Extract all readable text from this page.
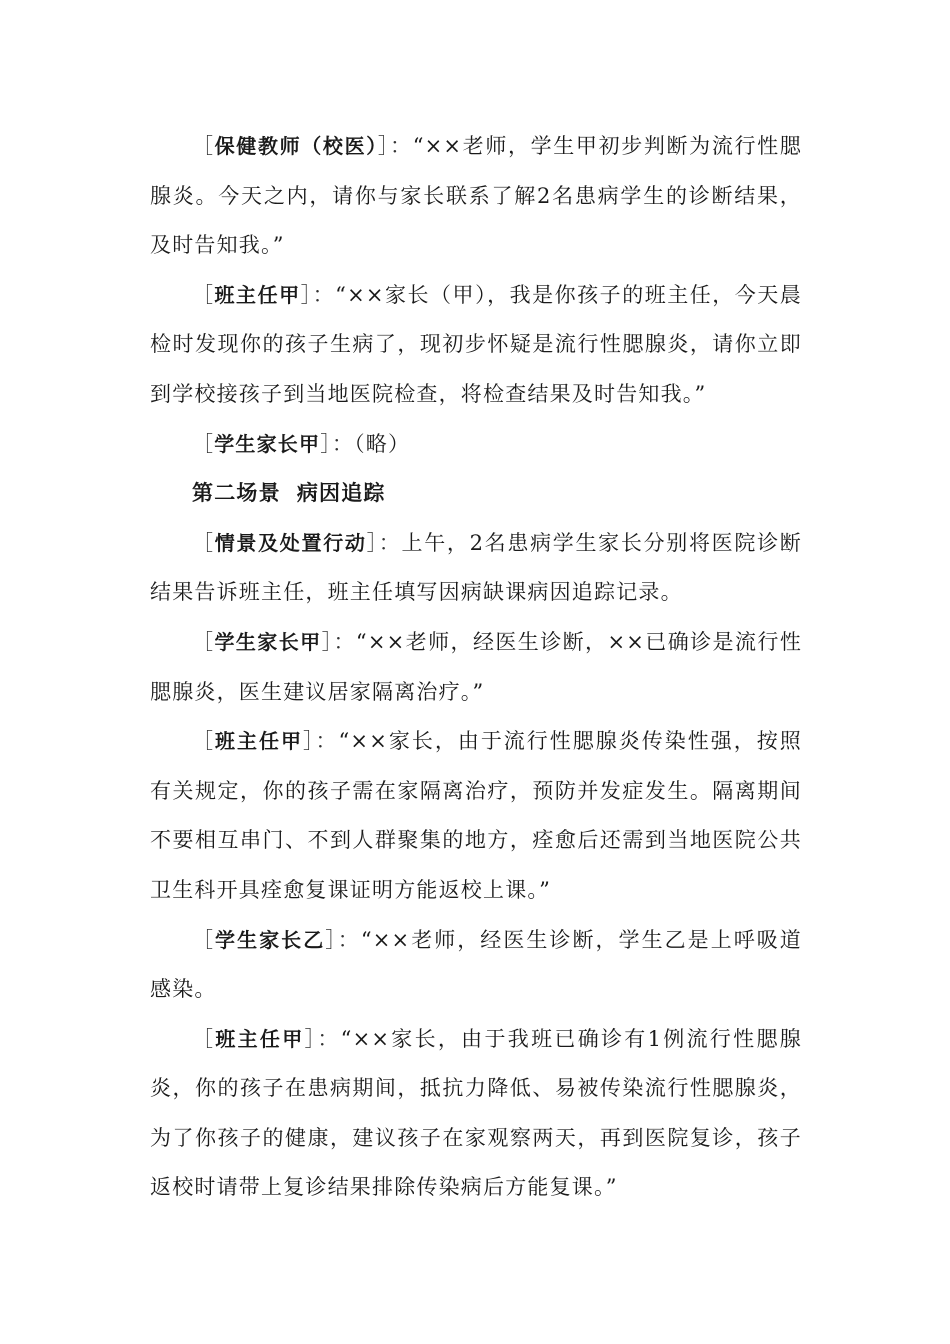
［保健教师（校医）］：“××老师，学生甲初步判断为流行性腮腺炎。今天之内，请你与家长联系了解2名患病学生的诊断结果，及时告知我。”

［班主任甲］：“××家长（甲），我是你孩子的班主任，今天晨检时发现你的孩子生病了，现初步怀疑是流行性腮腺炎，请你立即到学校接孩子到当地医院检查，将检查结果及时告知我。”

［学生家长甲］：（略）

第二场景 病因追踪

［情景及处置行动］：上午，2名患病学生家长分别将医院诊断结果告诉班主任，班主任填写因病缺课病因追踪记录。

［学生家长甲］：“××老师，经医生诊断，××已确诊是流行性腮腺炎，医生建议居家隔离治疗。”

［班主任甲］：“××家长，由于流行性腮腺炎传染性强，按照有关规定，你的孩子需在家隔离治疗，预防并发症发生。隔离期间不要相互串门、不到人群聚集的地方，痊愈后还需到当地医院公共卫生科开具痊愈复课证明方能返校上课。”

［学生家长乙］：“××老师，经医生诊断，学生乙是上呼吸道感染。

［班主任甲］：“××家长，由于我班已确诊有1例流行性腮腺炎，你的孩子在患病期间，抵抗力降低、易被传染流行性腮腺炎，为了你孩子的健康，建议孩子在家观察两天，再到医院复诊，孩子返校时请带上复诊结果排除传染病后方能复课。”
